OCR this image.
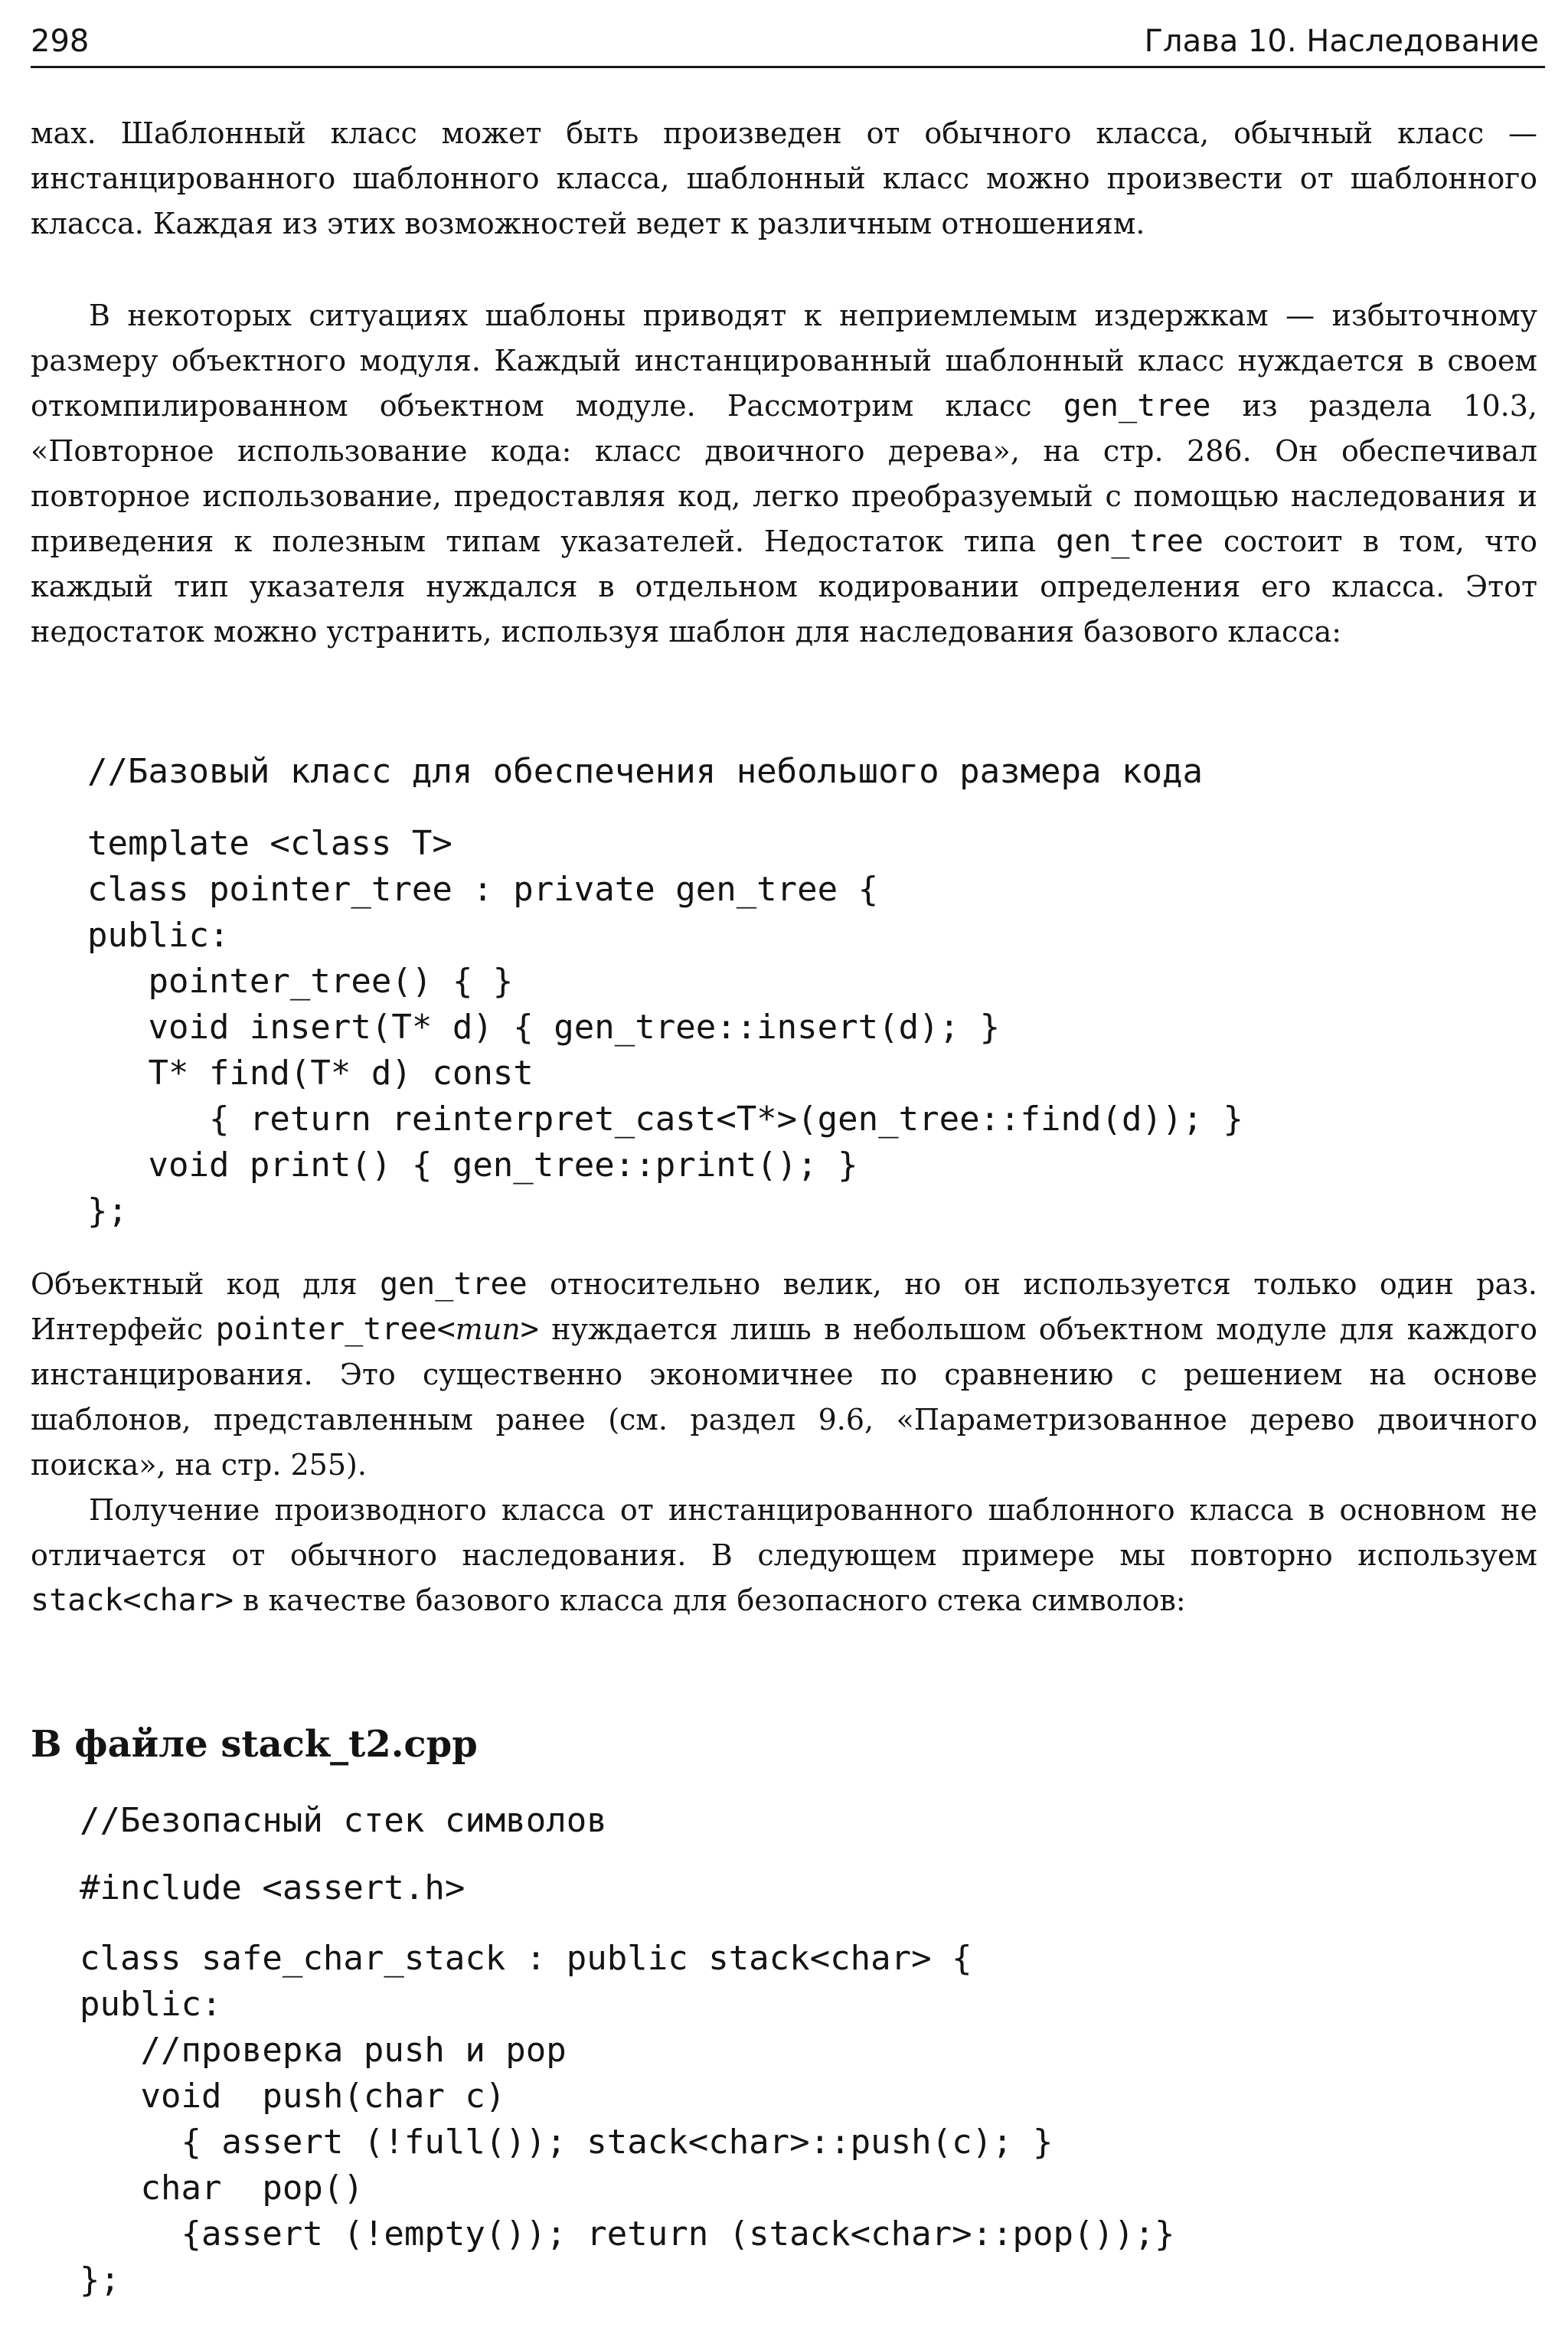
298	Глава 10. Наследование

мах. Шаблонный класс может быть произведен от обычного класса, обычный класс — инстанцированного шаблонного класса, шаблонный класс можно произвести от шаблонного класса. Каждая из этих возможностей ведет к различным отношениям.

В некоторых ситуациях шаблоны приводят к неприемлемым издержкам — избыточному размеру объектного модуля. Каждый инстанцированный шаблонный класс нуждается в своем откомпилированном объектном модуле. Рассмотрим класс gen_tree из раздела 10.3, «Повторное использование кода: класс двоичного дерева», на стр. 286. Он обеспечивал повторное использование, предоставляя код, легко преобразуемый с помощью наследования и приведения к полезным типам указателей. Недостаток типа gen_tree состоит в том, что каждый тип указателя нуждался в отдельном кодировании определения его класса. Этот недостаток можно устранить, используя шаблон для наследования базового класса:

//Базовый класс для обеспечения небольшого размера кода
template <class T>
class pointer_tree : private gen_tree {
public:
pointer_tree() { }
void insert(T* d) { gen_tree::insert(d); }
T* find(T* d) const
{ return reinterpret_cast<T*>(gen_tree::find(d)); }
void print() { gen_tree::print(); }
};

Объектный код для gen_tree относительно велик, но он используется только один раз. Интерфейс pointer_tree<тип> нуждается лишь в небольшом объектном модуле для каждого инстанцирования. Это существенно экономичнее по сравнению с решением на основе шаблонов, представленным ранее (см. раздел 9.6, «Параметризованное дерево двоичного поиска», на стр. 255).

Получение производного класса от инстанцированного шаблонного класса в основном не отличается от обычного наследования. В следующем примере мы повторно используем stack<char> в качестве базового класса для безопасного стека символов:

В файле stack_t2.cpp
//Безопасный стек символов
#include <assert.h>
class safe_char_stack : public stack<char> {
public:
//проверка push и pop
void  push(char c)
{ assert (!full()); stack<char>::push(c); }
char  pop()
{assert (!empty()); return (stack<char>::pop());}
};
